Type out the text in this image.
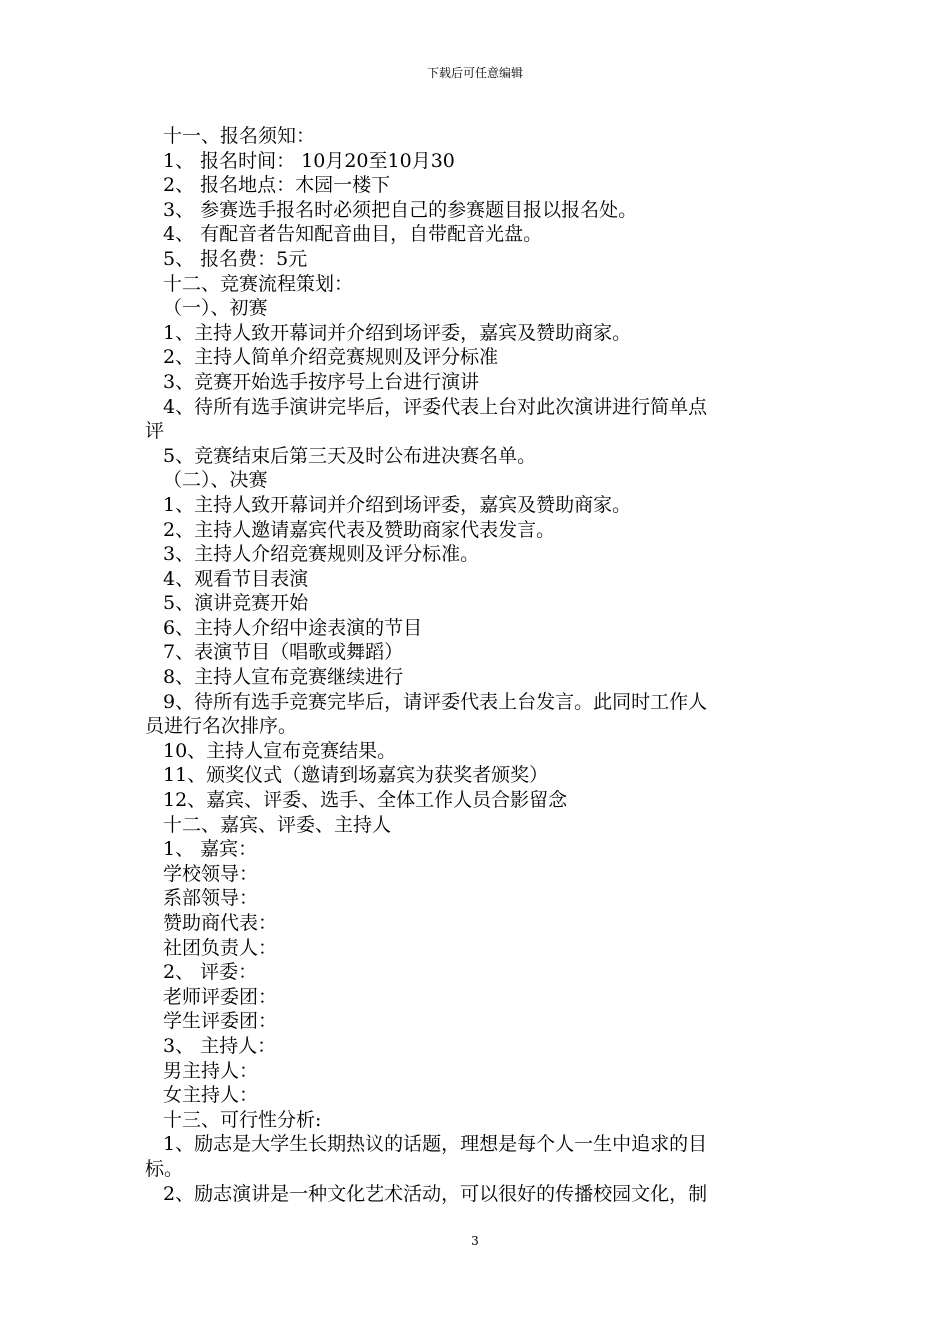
下载后可任意编辑
十一、报名须知：
1、 报名时间： 10月20至10月30
2、 报名地点：木园一楼下
3、 参赛选手报名时必须把自己的参赛题目报以报名处。
4、 有配音者告知配音曲目，自带配音光盘。
5、 报名费：5元
十二、竞赛流程策划：
（一）、初赛
1、主持人致开幕词并介绍到场评委，嘉宾及赞助商家。
2、主持人简单介绍竞赛规则及评分标准
3、竞赛开始选手按序号上台进行演讲
4、待所有选手演讲完毕后，评委代表上台对此次演讲进行简单点
评
5、竞赛结束后第三天及时公布进决赛名单。
（二）、决赛
1、主持人致开幕词并介绍到场评委，嘉宾及赞助商家。
2、主持人邀请嘉宾代表及赞助商家代表发言。
3、主持人介绍竞赛规则及评分标准。
4、观看节目表演
5、演讲竞赛开始
6、主持人介绍中途表演的节目
7、表演节目（唱歌或舞蹈）
8、主持人宣布竞赛继续进行
9、待所有选手竞赛完毕后，请评委代表上台发言。此同时工作人
员进行名次排序。
10、主持人宣布竞赛结果。
11、颁奖仪式（邀请到场嘉宾为获奖者颁奖）
12、嘉宾、评委、选手、全体工作人员合影留念
十二、嘉宾、评委、主持人
1、 嘉宾：
学校领导：
系部领导：
赞助商代表：
社团负责人：
2、 评委：
老师评委团：
学生评委团：
3、 主持人：
男主持人：
女主持人：
十三、可行性分析:
1、励志是大学生长期热议的话题，理想是每个人一生中追求的目
标。
2、励志演讲是一种文化艺术活动，可以很好的传播校园文化，制
3
